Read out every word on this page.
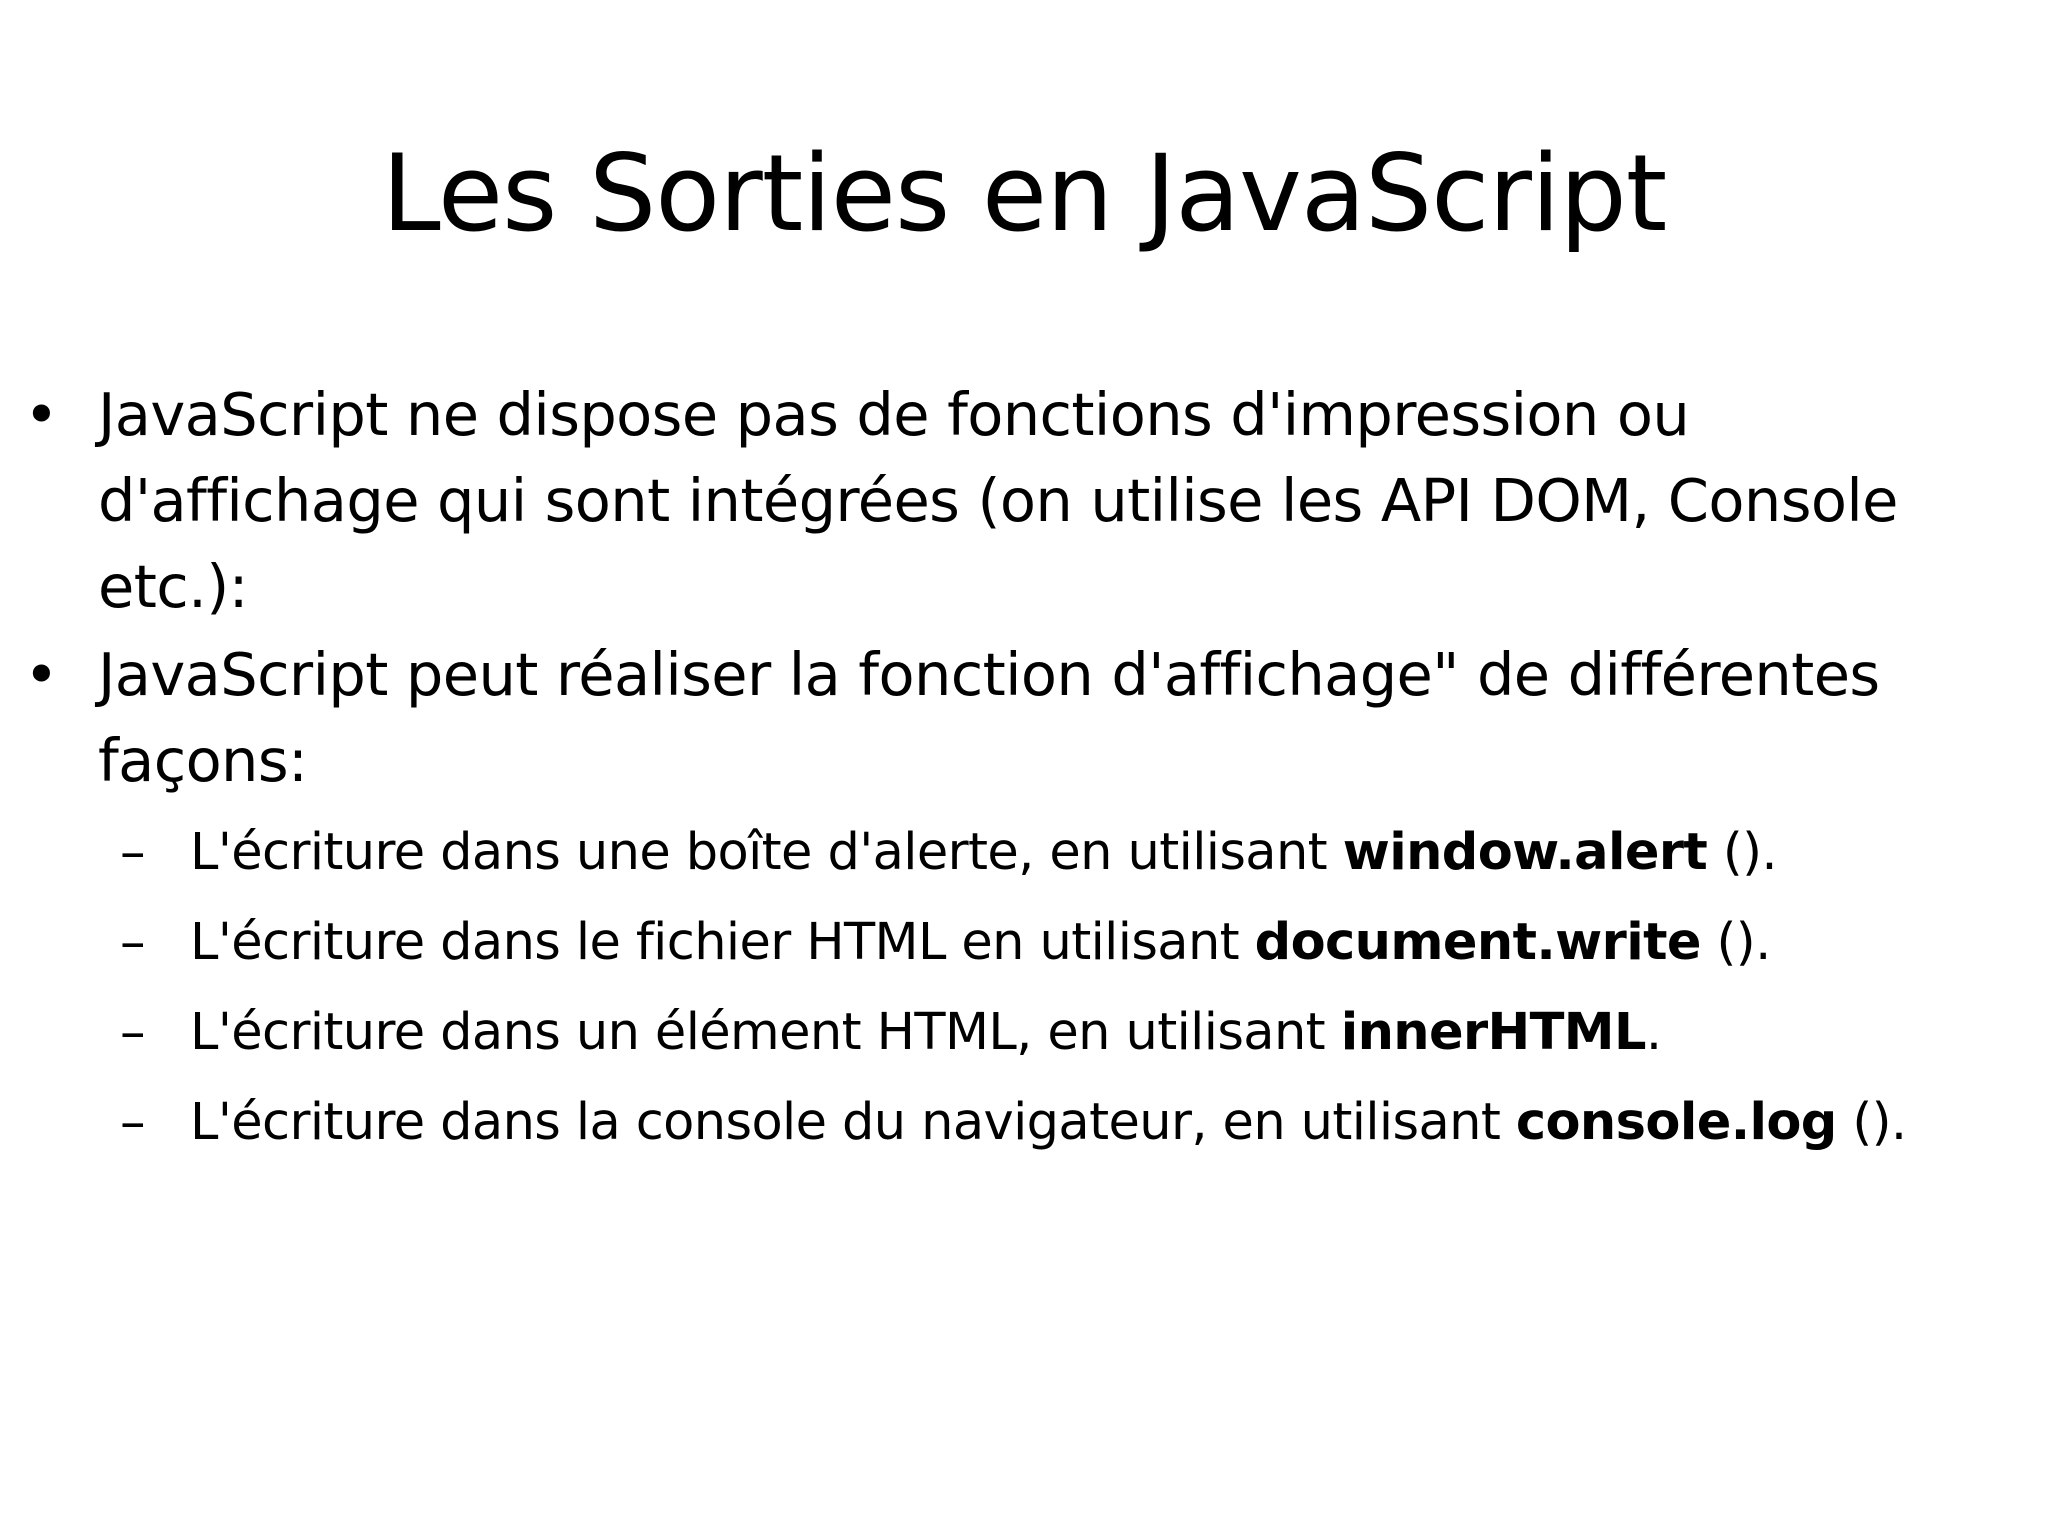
Les Sorties en JavaScript
• JavaScript ne dispose pas de fonctions d'impression ou d'affichage qui sont intégrées (on utilise les API DOM, Console etc.):
• JavaScript peut réaliser la fonction d'affichage" de différentes façons:
– L'écriture dans une boîte d'alerte, en utilisant window.alert ().
– L'écriture dans le fichier HTML en utilisant document.write ().
– L'écriture dans un élément HTML, en utilisant innerHTML.
– L'écriture dans la console du navigateur, en utilisant console.log ().
